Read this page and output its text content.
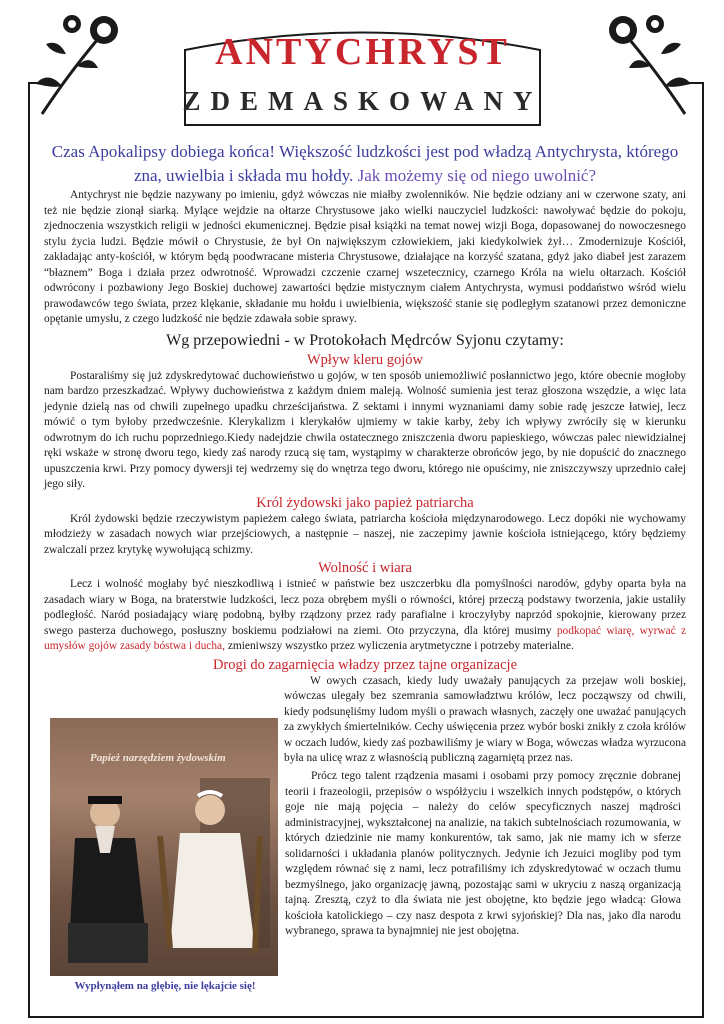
ANTYCHRYST
ZDEMASKOWANY

Czas Apokalipsy dobiega końca! Większość ludzkości jest pod władzą Antychrysta, którego zna, uwielbia i składa mu hołdy. Jak możemy się od niego uwolnić?

Antychryst nie będzie nazywany po imieniu, gdyż wówczas nie miałby zwolenników. Nie będzie odziany ani w czerwone szaty, ani też nie będzie zionął siarką. Mylące wejdzie na ołtarze Chrystusowe jako wielki nauczyciel ludzkości: nawoływać będzie do pokoju, zjednoczenia wszystkich religii w jedności ekumenicznej. Będzie pisał książki na temat nowej wizji Boga, dopasowanej do nowoczesnego stylu życia ludzi. Będzie mówił o Chrystusie, że był On największym człowiekiem, jaki kiedykolwiek żył… Zmodernizuje Kościół, zakładając anty-kościół, w którym będą poodwracane misteria Chrystusowe, działające na korzyść szatana, gdyż jako diabeł jest zarazem “błaznem” Boga i działa przez odwrotność. Wprowadzi czczenie czarnej wszetecznicy, czarnego Króla na wielu ołtarzach. Kościół odwrócony i pozbawiony Jego Boskiej duchowej zawartości będzie mistycznym ciałem Antychrysta, wymusi poddaństwo wśród wielu prawodawców tego świata, przez klękanie, składanie mu hołdu i uwielbienia, większość stanie się podległym szatanowi przez demoniczne opętanie umysłu, z czego ludzkość nie będzie zdawała sobie sprawy.

Wg przepowiedni - w Protokołach Mędrców Syjonu czytamy:
Wpływ kleru gojów

Postaraliśmy się już zdyskredytować duchowieństwo u gojów, w ten sposób uniemożliwić posłannictwo jego, które obecnie mogłoby nam bardzo przeszkadzać. Wpływy duchowieństwa z każdym dniem maleją. Wolność sumienia jest teraz głoszona wszędzie, a więc lata jedynie dzielą nas od chwili zupełnego upadku chrześcijaństwa. Z sektami i innymi wyznaniami damy sobie radę jeszcze łatwiej, lecz mówić o tym byłoby przedwcześnie. Klerykalizm i klerykałów ujmiemy w takie karby, żeby ich wpływy zwróciły się w kierunku odwrotnym do ich ruchu poprzedniego.Kiedy nadejdzie chwila ostatecznego zniszczenia dworu papieskiego, wówczas palec niewidzialnej ręki wskaże w stronę dworu tego, kiedy zaś narody rzucą się tam, wystąpimy w charakterze obrońców jego, by nie dopuścić do znacznego upuszczenia krwi. Przy pomocy dywersji tej wedrzemy się do wnętrza tego dworu, którego nie opuścimy, nie zniszczywszy uprzednio całej jego siły.

Król żydowski jako papież patriarcha

Król żydowski będzie rzeczywistym papieżem całego świata, patriarcha kościoła międzynarodowego. Lecz dopóki nie wychowamy młodzieży w zasadach nowych wiar przejściowych, a następnie – naszej, nie zaczepimy jawnie kościoła istniejącego, który będziemy zwalczali przez krytykę wywołującą schizmy.

Wolność i wiara

Lecz i wolność mogłaby być nieszkodliwą i istnieć w państwie bez uszczerbku dla pomyślności narodów, gdyby oparta była na zasadach wiary w Boga, na braterstwie ludzkości, lecz poza obrębem myśli o równości, której przeczą podstawy tworzenia, jakie ustaliły podległość. Naród posiadający wiarę podobną, byłby rządzony przez rady parafialne i kroczyłyby naprzód spokojnie, kierowany przez swego pasterza duchowego, posłuszny boskiemu podziałowi na ziemi. Oto przyczyna, dla której musimy podkopać wiarę, wyrwać z umysłów gojów zasady bóstwa i ducha, zmieniwszy wszystko przez wyliczenia arytmetyczne i potrzeby materialne.

Drogi do zagarnięcia władzy przez tajne organizacje

W owych czasach, kiedy ludy uważały panujących za przejaw woli boskiej, wówczas ulegały bez szemrania samowładztwu królów, lecz począwszy od chwili, kiedy podsunęliśmy ludom myśli o prawach własnych, zaczęły one uważać panujących za zwykłych śmiertelników. Cechy uświęcenia przez wybór boski znikły z czoła królów w oczach ludów, kiedy zaś pozbawiliśmy je wiary w Boga, wówczas władza wyrzucona była na ulicę wraz z własnością publiczną zagarniętą przez nas.

Papież narzędziem żydowskim
Wypłynąłem na głębię, nie lękajcie się!

Prócz tego talent rządzenia masami i osobami przy pomocy zręcznie dobranej teorii i frazeologii, przepisów o współżyciu i wszelkich innych podstępów, o których goje nie mają pojęcia – należy do celów specyficznych naszej mądrości administracyjnej, wykształconej na analizie, na takich subtelnościach rozumowania, w których dziedzinie nie mamy konkurentów, tak samo, jak nie mamy ich w sferze solidarności i układania planów politycznych. Jedynie ich Jezuici mogliby pod tym względem równać się z nami, lecz potrafiliśmy ich zdyskredytować w oczach tłumu bezmyślnego, jako organizację jawną, pozostając sami w ukryciu z naszą organizacją tajną. Zresztą, czyż to dla świata nie jest obojętne, kto będzie jego władcą: Głowa kościoła katolickiego – czy nasz despota z krwi syjońskiej? Dla nas, jako dla narodu wybranego, sprawa ta bynajmniej nie jest obojętna.
